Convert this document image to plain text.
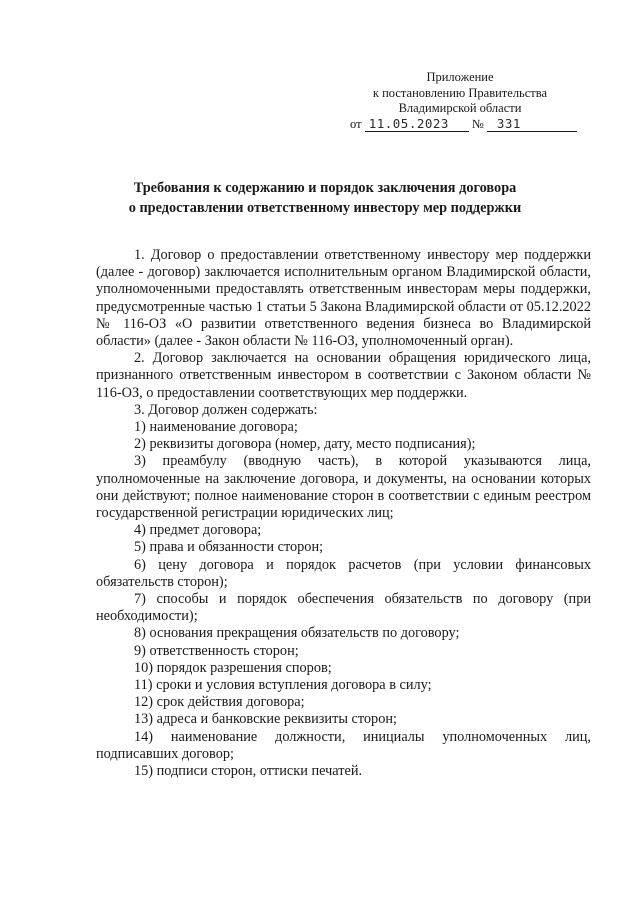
Приложение
к постановлению Правительства
Владимирской области
от 11.05.2023 № 331
Требования к содержанию и порядок заключения договора
о предоставлении ответственному инвестору мер поддержки

1. Договор о предоставлении ответственному инвестору мер поддержки (далее - договор) заключается исполнительным органом Владимирской области, уполномоченными предоставлять ответственным инвесторам меры поддержки, предусмотренные частью 1 статьи 5 Закона Владимирской области от 05.12.2022 № 116-ОЗ «О развитии ответственного ведения бизнеса во Владимирской области» (далее - Закон области № 116-ОЗ, уполномоченный орган).

2. Договор заключается на основании обращения юридического лица, признанного ответственным инвестором в соответствии с Законом области № 116-ОЗ, о предоставлении соответствующих мер поддержки.

3. Договор должен содержать:

1) наименование договора;

2) реквизиты договора (номер, дату, место подписания);

3) преамбулу (вводную часть), в которой указываются лица, уполномоченные на заключение договора, и документы, на основании которых они действуют; полное наименование сторон в соответствии с единым реестром государственной регистрации юридических лиц;

4) предмет договора;

5) права и обязанности сторон;

6) цену договора и порядок расчетов (при условии финансовых обязательств сторон);

7) способы и порядок обеспечения обязательств по договору (при необходимости);

8) основания прекращения обязательств по договору;

9) ответственность сторон;

10) порядок разрешения споров;

11) сроки и условия вступления договора в силу;

12) срок действия договора;

13) адреса и банковские реквизиты сторон;

14) наименование должности, инициалы уполномоченных лиц, подписавших договор;

15) подписи сторон, оттиски печатей.
